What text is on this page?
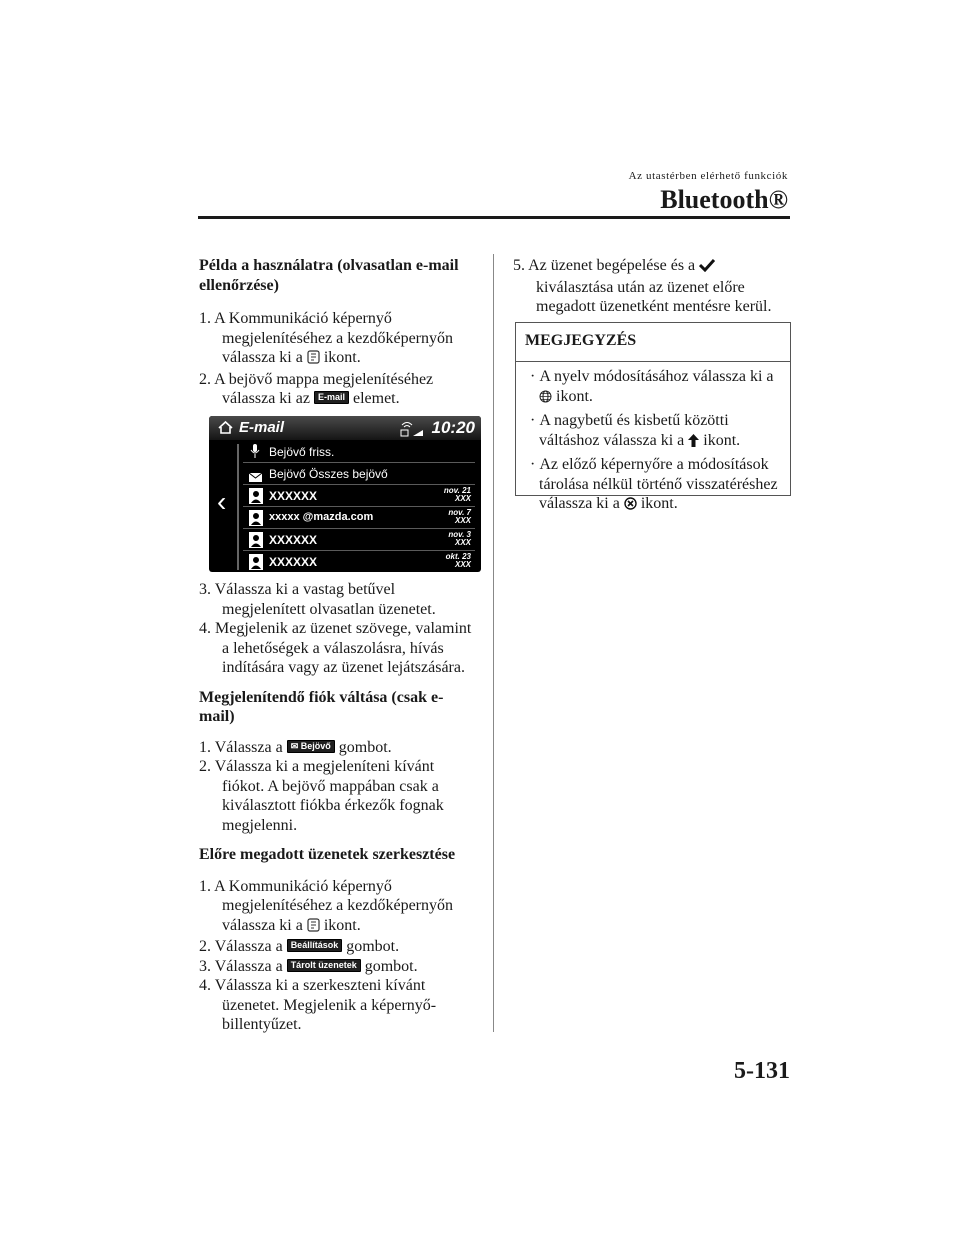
Az utastérben elérhető funkciók
Bluetooth®

Példa a használatra (olvasatlan e-mail ellenőrzése)

1. A Kommunikáció képernyő megjelenítéséhez a kezdőképernyőn válassza ki a ikont.

2. A bejövő mappa megjelenítéséhez válassza ki az E-mail elemet.

E-mail	10:20
‹
Bejövő friss.
Bejövő Összes bejövő
XXXXXX	nov. 21
XXX
xxxxx @mazda.com	nov. 7
XXX
XXXXXX	nov. 3
XXX
XXXXXX	okt. 23
XXX

3. Válassza ki a vastag betűvel megjelenített olvasatlan üzenetet.

4. Megjelenik az üzenet szövege, valamint a lehetőségek a válaszolásra, hívás indítására vagy az üzenet lejátszására.

Megjelenítendő fiók váltása (csak e-mail)

1. Válassza a ✉ Bejövő gombot.

2. Válassza ki a megjeleníteni kívánt fiókot. A bejövő mappában csak a kiválasztott fiókba érkezők fognak megjelenni.

Előre megadott üzenetek szerkesztése

1. A Kommunikáció képernyő megjelenítéséhez a kezdőképernyőn válassza ki a ikont.

2. Válassza a Beállítások gombot.

3. Válassza a Tárolt üzenetek gombot.

4. Válassza ki a szerkeszteni kívánt üzenetet. Megjelenik a képernyő-billentyűzet.

5. Az üzenet begépelése és a  kiválasztása után az üzenet előre megadott üzenetként mentésre kerül.

MEGJEGYZÉS

· A nyelv módosításához válassza ki a  ikont.

· A nagybetű és kisbetű közötti váltáshoz válassza ki a ikont.

· Az előző képernyőre a módosítások tárolása nélkül történő visszatéréshez válassza ki a ikont.

5-131
